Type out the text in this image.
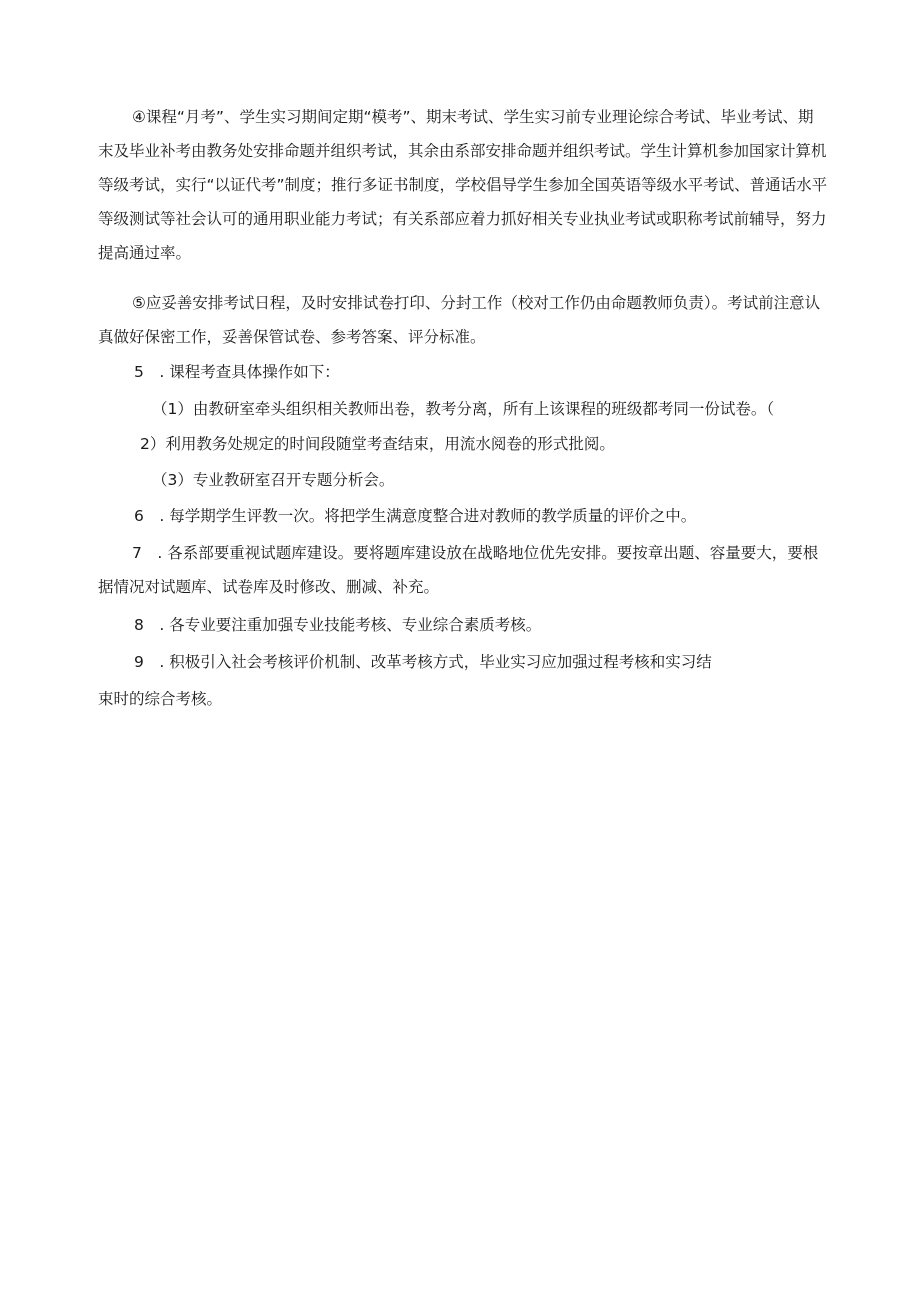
④课程“月考”、学生实习期间定期“模考”、期末考试、学生实习前专业理论综合考试、毕业考试、期末及毕业补考由教务处安排命题并组织考试，其余由系部安排命题并组织考试。学生计算机参加国家计算机等级考试，实行“以证代考”制度；推行多证书制度，学校倡导学生参加全国英语等级水平考试、普通话水平等级测试等社会认可的通用职业能力考试；有关系部应着力抓好相关专业执业考试或职称考试前辅导，努力提高通过率。

⑤应妥善安排考试日程，及时安排试卷打印、分封工作（校对工作仍由命题教师负责）。考试前注意认真做好保密工作，妥善保管试卷、参考答案、评分标准。

5　. 课程考查具体操作如下：

（1）由教研室牵头组织相关教师出卷，教考分离，所有上该课程的班级都考同一份试卷。（

2）利用教务处规定的时间段随堂考查结束，用流水阅卷的形式批阅。

（3）专业教研室召开专题分析会。

6　. 每学期学生评教一次。将把学生满意度整合进对教师的教学质量的评价之中。

7　. 各系部要重视试题库建设。要将题库建设放在战略地位优先安排。要按章出题、容量要大，要根据情况对试题库、试卷库及时修改、删减、补充。

8　. 各专业要注重加强专业技能考核、专业综合素质考核。

9　. 积极引入社会考核评价机制、改革考核方式，毕业实习应加强过程考核和实习结

束时的综合考核。
